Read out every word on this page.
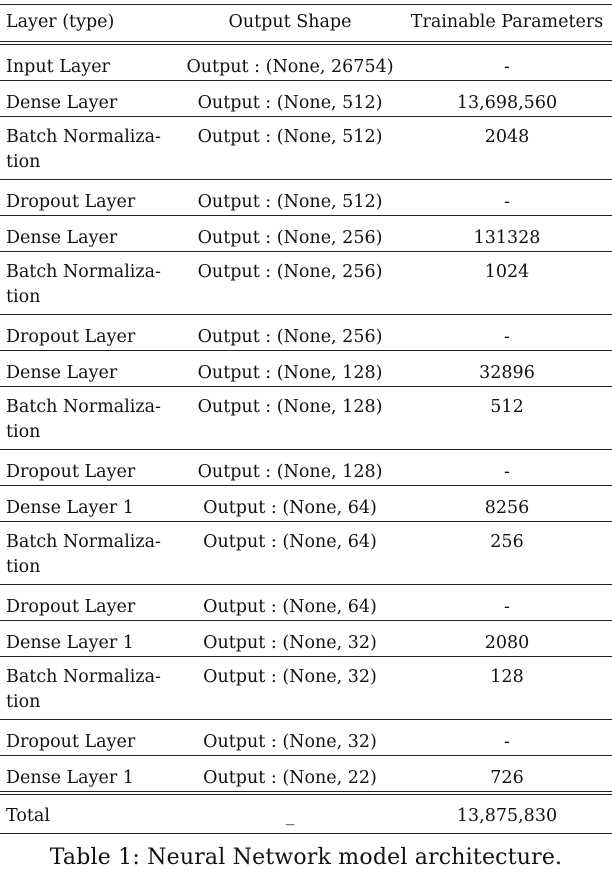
Layer (type)	Output Shape	Trainable Parameters
Input Layer	Output : (None, 26754)	-
Dense Layer	Output : (None, 512)	13,698,560
Batch Normaliza-
tion	Output : (None, 512)	2048
Dropout Layer	Output : (None, 512)	-
Dense Layer	Output : (None, 256)	131328
Batch Normaliza-
tion	Output : (None, 256)	1024
Dropout Layer	Output : (None, 256)	-
Dense Layer	Output : (None, 128)	32896
Batch Normaliza-
tion	Output : (None, 128)	512
Dropout Layer	Output : (None, 128)	-
Dense Layer 1	Output : (None, 64)	8256
Batch Normaliza-
tion	Output : (None, 64)	256
Dropout Layer	Output : (None, 64)	-
Dense Layer 1	Output : (None, 32)	2080
Batch Normaliza-
tion	Output : (None, 32)	128
Dropout Layer	Output : (None, 32)	-
Dense Layer 1	Output : (None, 22)	726
Total	_	13,875,830
Table 1: Neural Network model architecture.
